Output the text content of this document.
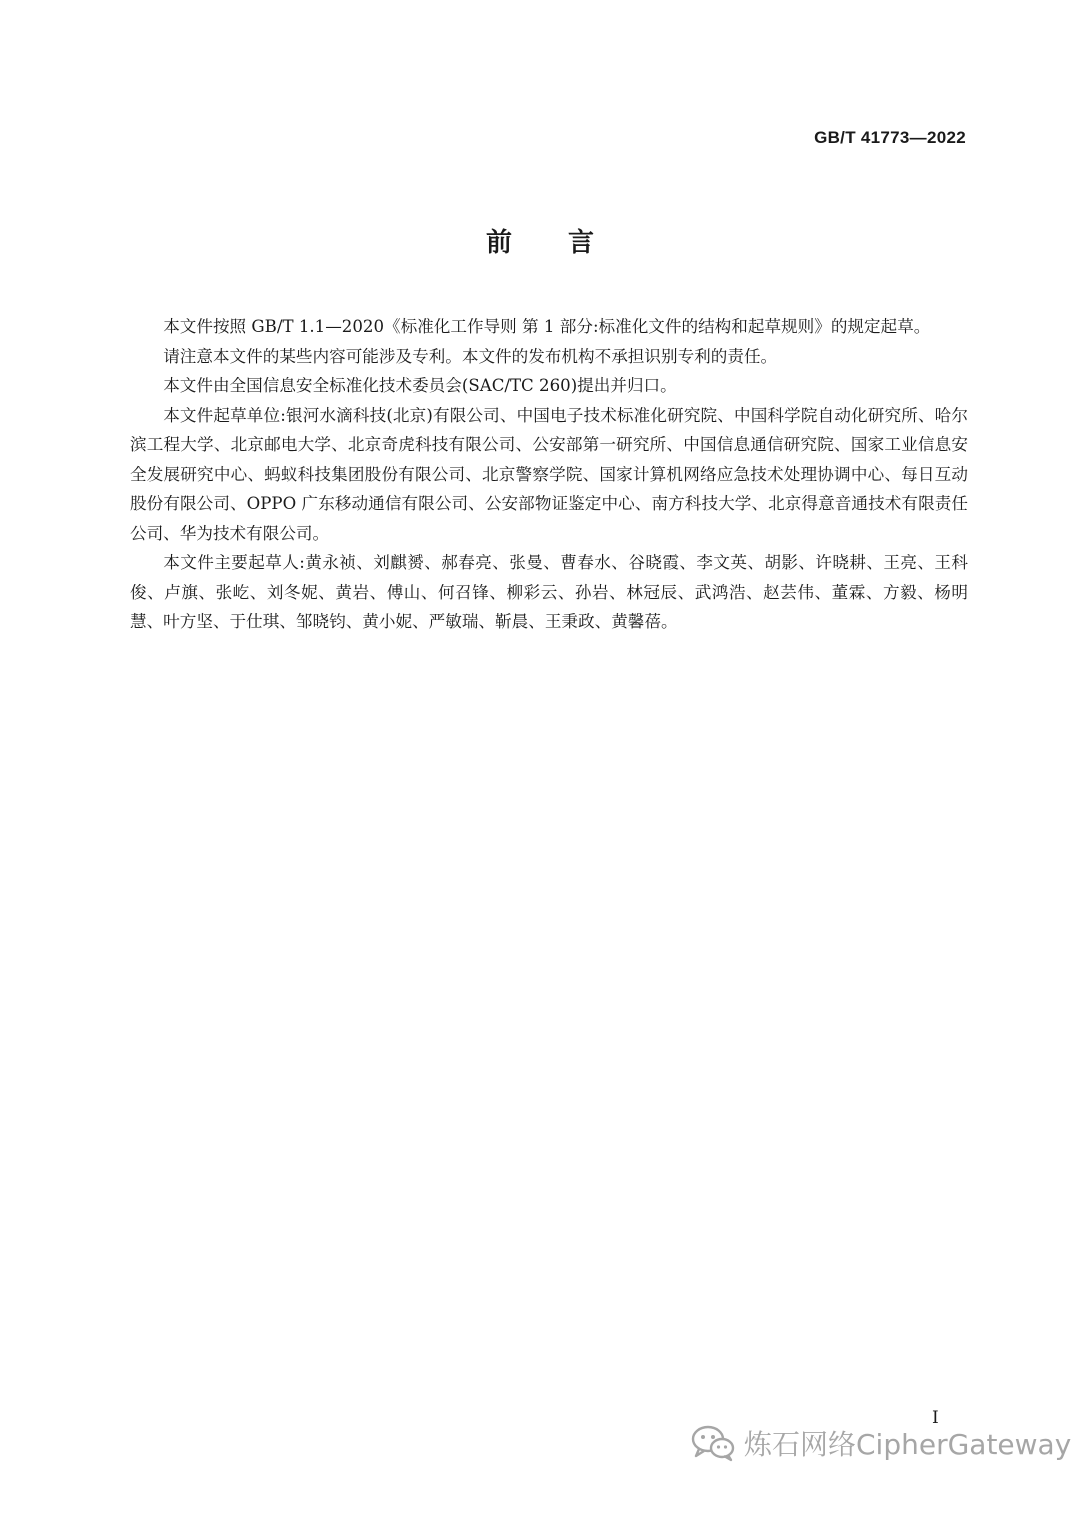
GB/T 41773—2022
前言

本文件按照 GB/T 1.1—2020《标准化工作导则 第 1 部分:标准化文件的结构和起草规则》的规定起草。

请注意本文件的某些内容可能涉及专利。本文件的发布机构不承担识别专利的责任。

本文件由全国信息安全标准化技术委员会(SAC/TC 260)提出并归口。

本文件起草单位:银河水滴科技(北京)有限公司、中国电子技术标准化研究院、中国科学院自动化研究所、哈尔滨工程大学、北京邮电大学、北京奇虎科技有限公司、公安部第一研究所、中国信息通信研究院、国家工业信息安全发展研究中心、蚂蚁科技集团股份有限公司、北京警察学院、国家计算机网络应急技术处理协调中心、每日互动股份有限公司、OPPO 广东移动通信有限公司、公安部物证鉴定中心、南方科技大学、北京得意音通技术有限责任公司、华为技术有限公司。

本文件主要起草人:黄永祯、刘麒赟、郝春亮、张曼、曹春水、谷晓霞、李文英、胡影、许晓耕、王亮、王科俊、卢旗、张屹、刘冬妮、黄岩、傅山、何召锋、柳彩云、孙岩、林冠辰、武鸿浩、赵芸伟、董霖、方毅、杨明慧、叶方坚、于仕琪、邹晓钧、黄小妮、严敏瑞、靳晨、王秉政、黄馨蓓。

I
炼石网络CipherGateway
